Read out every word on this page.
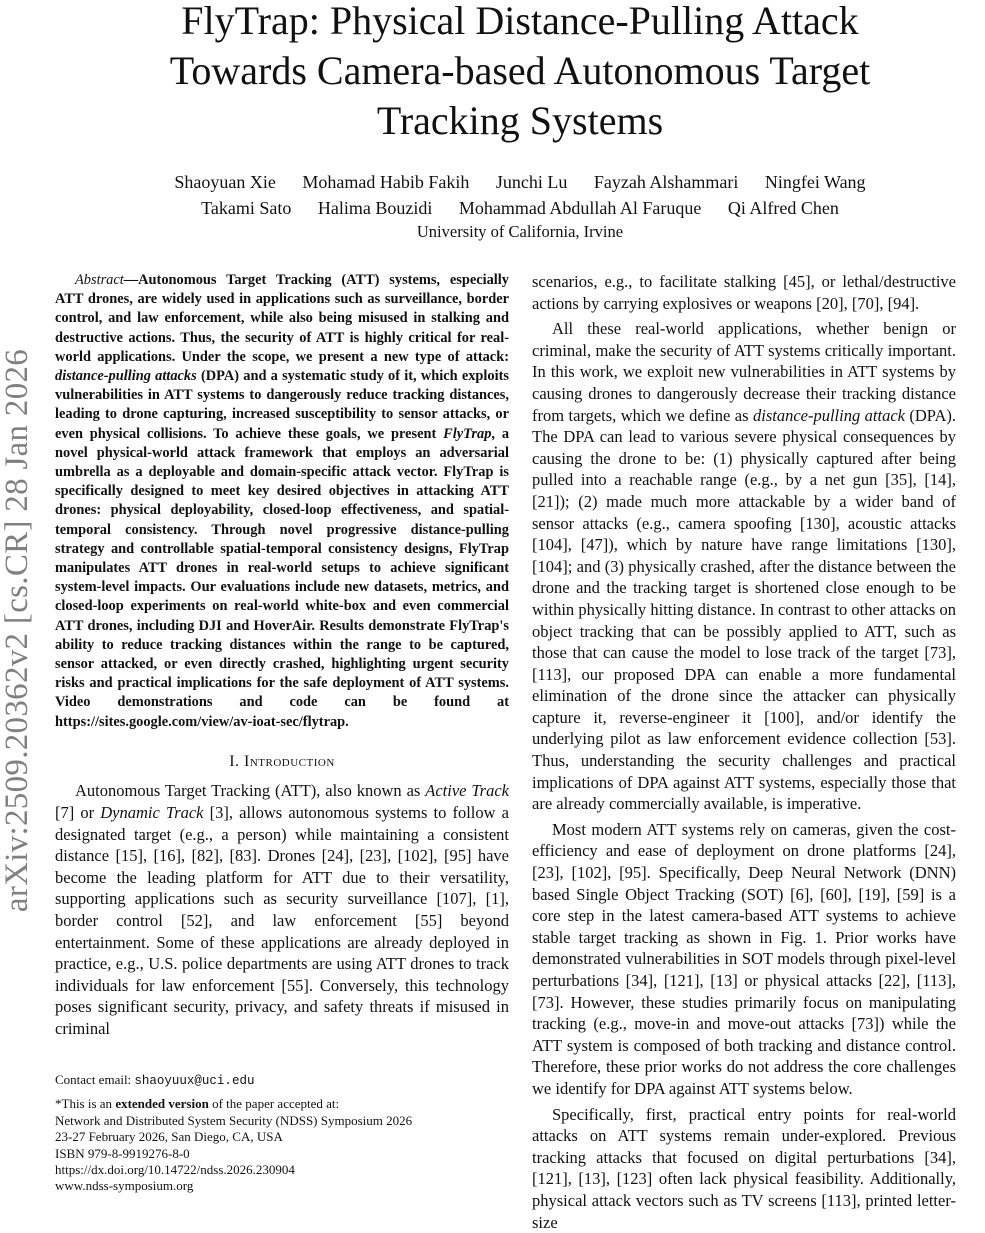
arXiv:2509.20362v2 [cs.CR] 28 Jan 2026
FlyTrap: Physical Distance-Pulling Attack
Towards Camera-based Autonomous Target
Tracking Systems
Shaoyuan Xie Mohamad Habib Fakih Junchi Lu Fayzah Alshammari Ningfei Wang
Takami Sato Halima Bouzidi Mohammad Abdullah Al Faruque Qi Alfred Chen
University of California, Irvine

Abstract—Autonomous Target Tracking (ATT) systems, especially ATT drones, are widely used in applications such as surveillance, border control, and law enforcement, while also being misused in stalking and destructive actions. Thus, the security of ATT is highly critical for real-world applications. Under the scope, we present a new type of attack: distance-pulling attacks (DPA) and a systematic study of it, which exploits vulnerabilities in ATT systems to dangerously reduce tracking distances, leading to drone capturing, increased susceptibility to sensor attacks, or even physical collisions. To achieve these goals, we present FlyTrap, a novel physical-world attack framework that employs an adversarial umbrella as a deployable and domain-specific attack vector. FlyTrap is specifically designed to meet key desired objectives in attacking ATT drones: physical deployability, closed-loop effectiveness, and spatial-temporal consistency. Through novel progressive distance-pulling strategy and controllable spatial-temporal consistency designs, FlyTrap manipulates ATT drones in real-world setups to achieve significant system-level impacts. Our evaluations include new datasets, metrics, and closed-loop experiments on real-world white-box and even commercial ATT drones, including DJI and HoverAir. Results demonstrate FlyTrap's ability to reduce tracking distances within the range to be captured, sensor attacked, or even directly crashed, highlighting urgent security risks and practical implications for the safe deployment of ATT systems. Video demonstrations and code can be found at https://sites.google.com/view/av-ioat-sec/flytrap.

I. Introduction

Autonomous Target Tracking (ATT), also known as Active Track [7] or Dynamic Track [3], allows autonomous systems to follow a designated target (e.g., a person) while maintaining a consistent distance [15], [16], [82], [83]. Drones [24], [23], [102], [95] have become the leading platform for ATT due to their versatility, supporting applications such as security surveillance [107], [1], border control [52], and law enforcement [55] beyond entertainment. Some of these applications are already deployed in practice, e.g., U.S. police departments are using ATT drones to track individuals for law enforcement [55]. Conversely, this technology poses significant security, privacy, and safety threats if misused in criminal

Contact email: shaoyuux@uci.edu
*This is an extended version of the paper accepted at:
Network and Distributed System Security (NDSS) Symposium 2026
23-27 February 2026, San Diego, CA, USA
ISBN 979-8-9919276-8-0
https://dx.doi.org/10.14722/ndss.2026.230904
www.ndss-symposium.org

scenarios, e.g., to facilitate stalking [45], or lethal/destructive actions by carrying explosives or weapons [20], [70], [94].

All these real-world applications, whether benign or criminal, make the security of ATT systems critically important. In this work, we exploit new vulnerabilities in ATT systems by causing drones to dangerously decrease their tracking distance from targets, which we define as distance-pulling attack (DPA). The DPA can lead to various severe physical consequences by causing the drone to be: (1) physically captured after being pulled into a reachable range (e.g., by a net gun [35], [14], [21]); (2) made much more attackable by a wider band of sensor attacks (e.g., camera spoofing [130], acoustic attacks [104], [47]), which by nature have range limitations [130], [104]; and (3) physically crashed, after the distance between the drone and the tracking target is shortened close enough to be within physically hitting distance. In contrast to other attacks on object tracking that can be possibly applied to ATT, such as those that can cause the model to lose track of the target [73], [113], our proposed DPA can enable a more fundamental elimination of the drone since the attacker can physically capture it, reverse-engineer it [100], and/or identify the underlying pilot as law enforcement evidence collection [53]. Thus, understanding the security challenges and practical implications of DPA against ATT systems, especially those that are already commercially available, is imperative.

Most modern ATT systems rely on cameras, given the cost-efficiency and ease of deployment on drone platforms [24], [23], [102], [95]. Specifically, Deep Neural Network (DNN) based Single Object Tracking (SOT) [6], [60], [19], [59] is a core step in the latest camera-based ATT systems to achieve stable target tracking as shown in Fig. 1. Prior works have demonstrated vulnerabilities in SOT models through pixel-level perturbations [34], [121], [13] or physical attacks [22], [113], [73]. However, these studies primarily focus on manipulating tracking (e.g., move-in and move-out attacks [73]) while the ATT system is composed of both tracking and distance control. Therefore, these prior works do not address the core challenges we identify for DPA against ATT systems below.

Specifically, first, practical entry points for real-world attacks on ATT systems remain under-explored. Previous tracking attacks that focused on digital perturbations [34], [121], [13], [123] often lack physical feasibility. Additionally, physical attack vectors such as TV screens [113], printed letter-size
